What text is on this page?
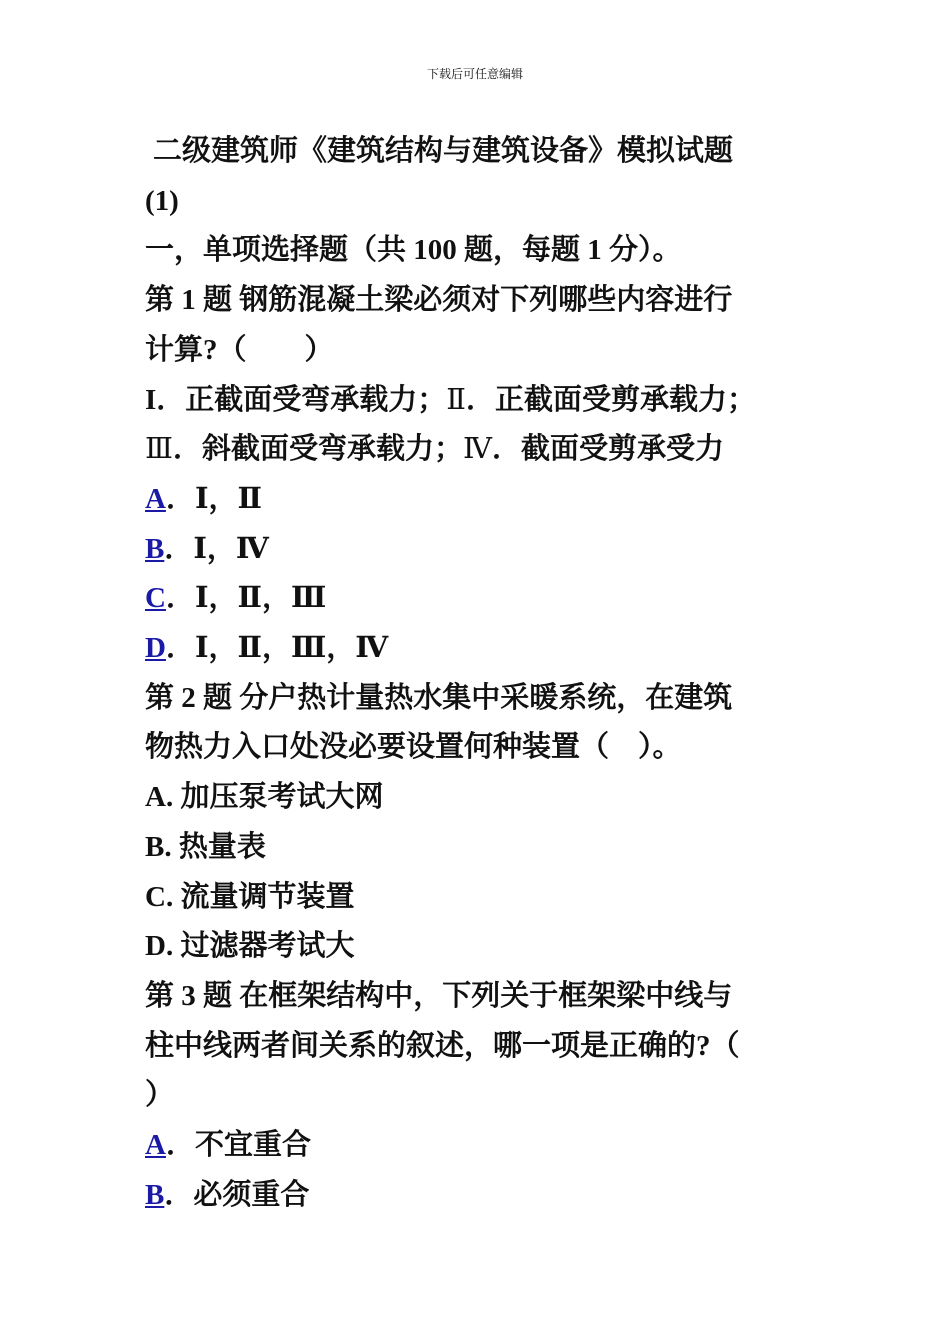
下载后可任意编辑
二级建筑师《建筑结构与建筑设备》模拟试题
(1)
一，单项选择题（共 100 题，每题 1 分）。
第 1 题 钢筋混凝土梁必须对下列哪些内容进行
计算?（　　）
I．正截面受弯承载力；Ⅱ．正截面受剪承载力；
Ⅲ．斜截面受弯承载力；Ⅳ．截面受剪承受力
A．Ⅰ，Ⅱ
B．Ⅰ，Ⅳ
C．Ⅰ，Ⅱ，Ⅲ
D．Ⅰ，Ⅱ，Ⅲ，Ⅳ
第 2 题 分户热计量热水集中采暖系统，在建筑
物热力入口处没必要设置何种装置（　）。
A. 加压泵考试大网
B. 热量表
C. 流量调节装置
D. 过滤器考试大
第 3 题 在框架结构中，下列关于框架梁中线与
柱中线两者间关系的叙述，哪一项是正确的?（
）
A．不宜重合
B．必须重合
